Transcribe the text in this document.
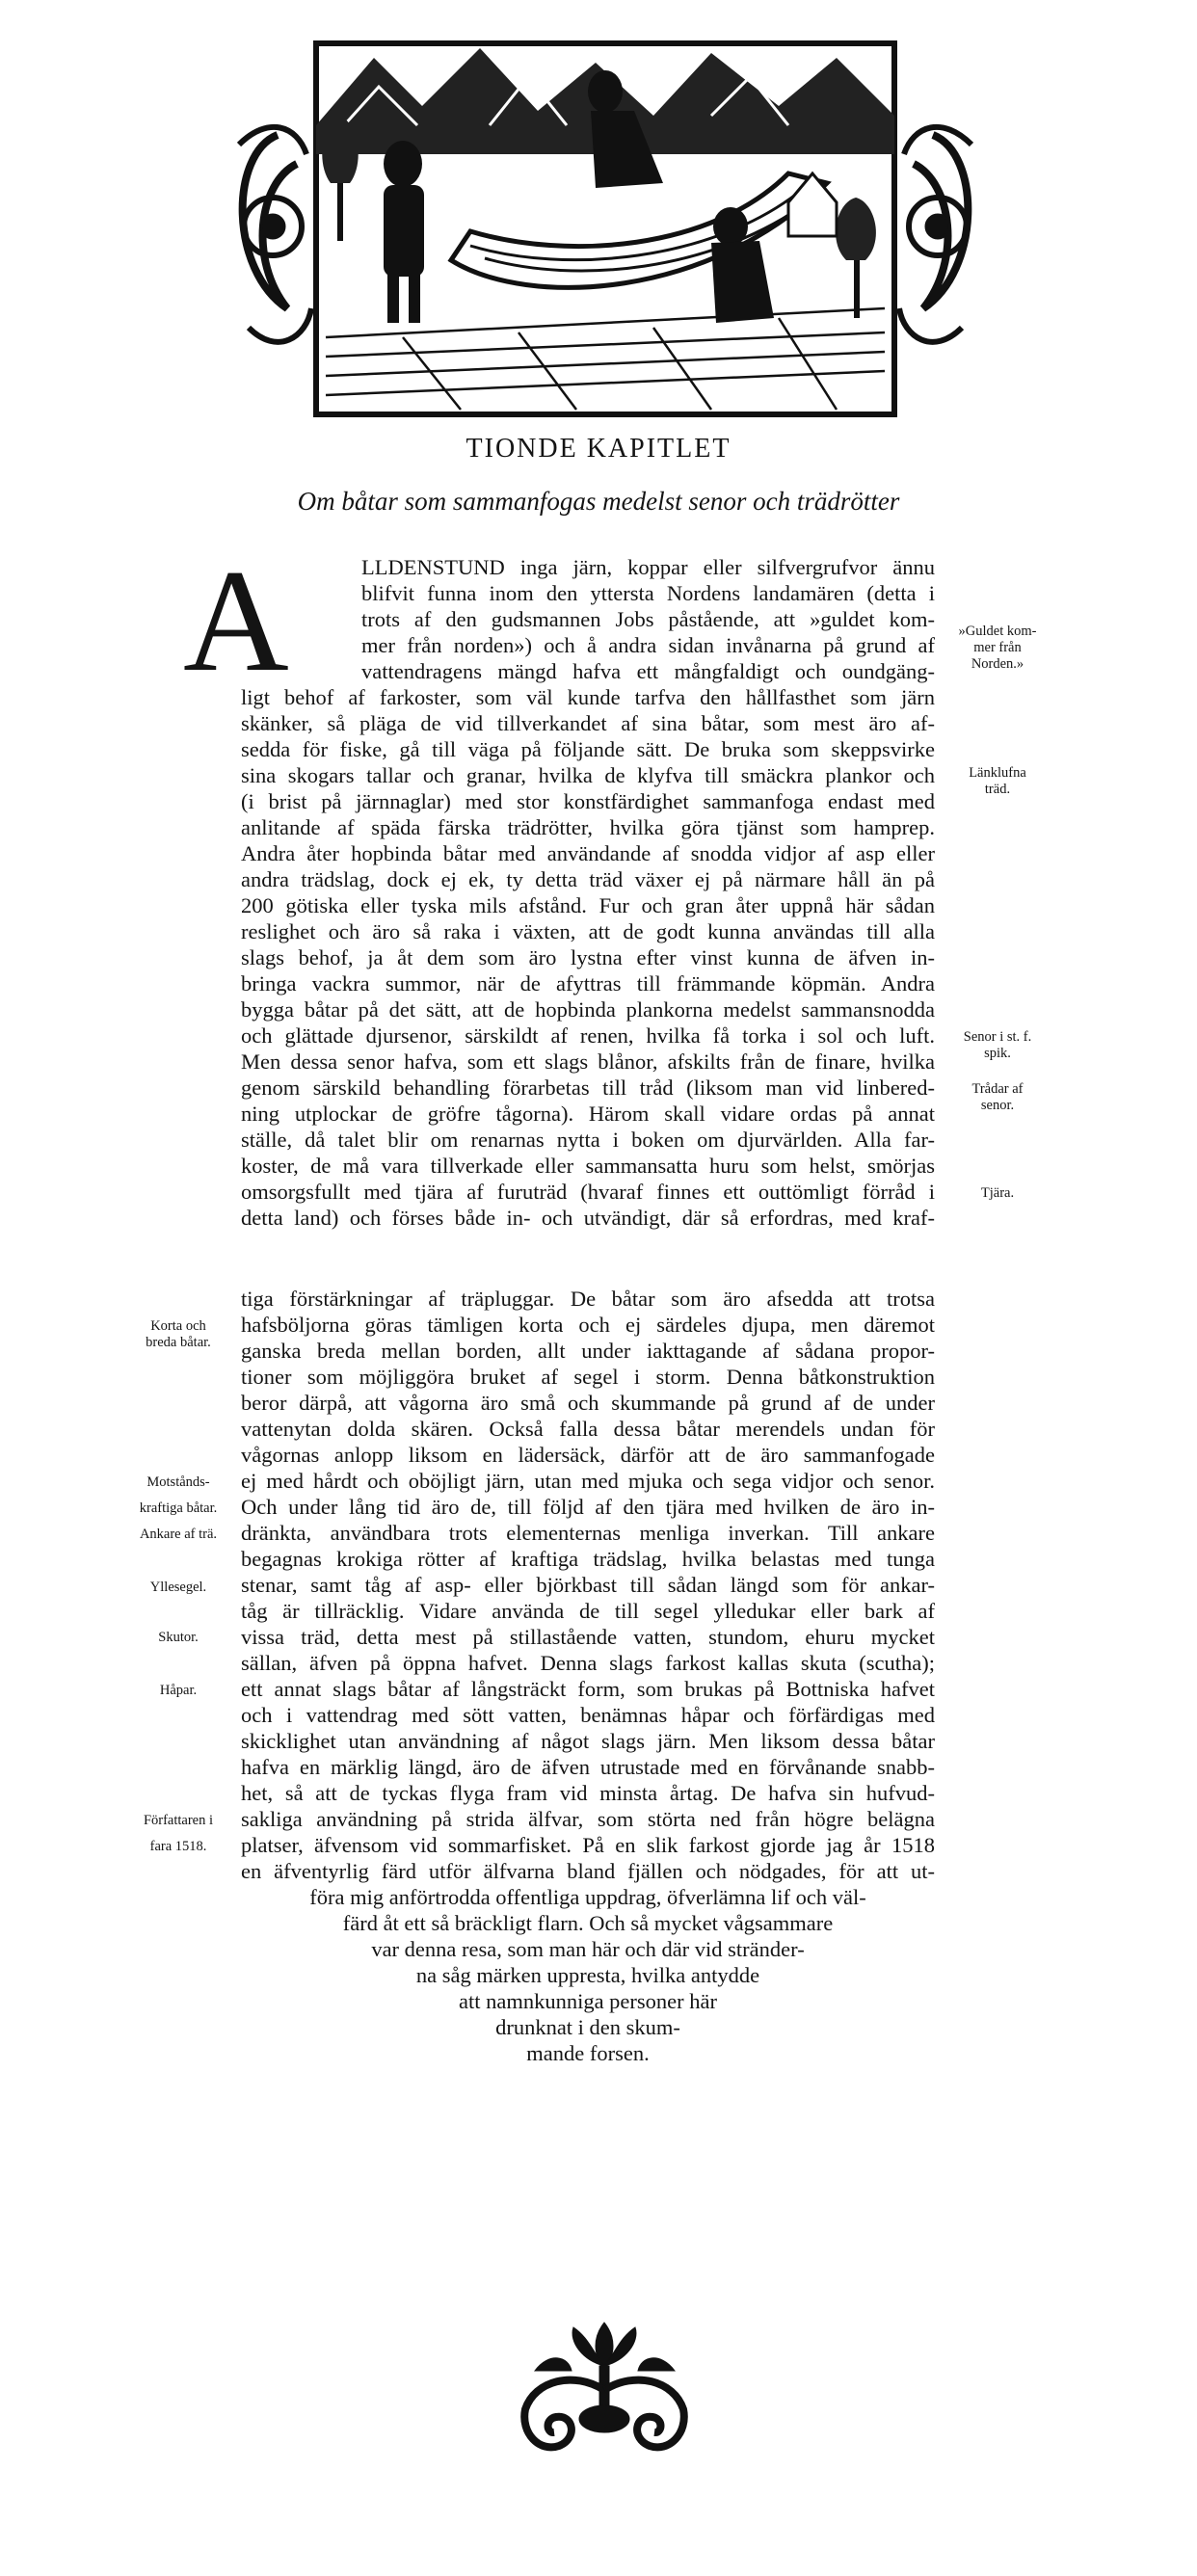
TIONDE KAPITLET
Om båtar som sammanfogas medelst senor och trädrötter
A	LLDENSTUND inga järn, koppar eller silfvergrufvor ännu
blifvit funna inom den yttersta Nordens landamären (detta i
trots af den gudsmannen Jobs påstående, att »guldet kom-
mer från norden») och å andra sidan invånarna på grund af
vattendragens mängd hafva ett mångfaldigt och oundgäng-
ligt behof af farkoster, som väl kunde tarfva den hållfasthet som järn
skänker, så pläga de vid tillverkandet af sina båtar, som mest äro af-
sedda för fiske, gå till väga på följande sätt. De bruka som skeppsvirke
sina skogars tallar och granar, hvilka de klyfva till smäckra plankor och
(i brist på järnnaglar) med stor konstfärdighet sammanfoga endast med
anlitande af späda färska trädrötter, hvilka göra tjänst som hamprep.
Andra åter hopbinda båtar med användande af snodda vidjor af asp eller
andra trädslag, dock ej ek, ty detta träd växer ej på närmare håll än på
200 götiska eller tyska mils afstånd. Fur och gran åter uppnå här sådan
reslighet och äro så raka i växten, att de godt kunna användas till alla
slags behof, ja åt dem som äro lystna efter vinst kunna de äfven in-
bringa vackra summor, när de afyttras till främmande köpmän. Andra
bygga båtar på det sätt, att de hopbinda plankorna medelst sammansnodda
och glättade djursenor, särskildt af renen, hvilka få torka i sol och luft.
Men dessa senor hafva, som ett slags blånor, afskilts från de finare, hvilka
genom särskild behandling förarbetas till tråd (liksom man vid linbered-
ning utplockar de gröfre tågorna). Härom skall vidare ordas på annat
ställe, då talet blir om renarnas nytta i boken om djurvärlden. Alla far-
koster, de må vara tillverkade eller sammansatta huru som helst, smörjas
omsorgsfullt med tjära af furuträd (hvaraf finnes ett outtömligt förråd i
detta land) och förses både in- och utvändigt, där så erfordras, med kraf-
tiga förstärkningar af träpluggar. De båtar som äro afsedda att trotsa
hafsböljorna göras tämligen korta och ej särdeles djupa, men däremot
ganska breda mellan borden, allt under iakttagande af sådana propor-
tioner som möjliggöra bruket af segel i storm. Denna båtkonstruktion
beror därpå, att vågorna äro små och skummande på grund af de under
vattenytan dolda skären. Också falla dessa båtar merendels undan för
vågornas anlopp liksom en lädersäck, därför att de äro sammanfogade
ej med hårdt och oböjligt järn, utan med mjuka och sega vidjor och senor.
Och under lång tid äro de, till följd af den tjära med hvilken de äro in-
dränkta, användbara trots elementernas menliga inverkan. Till ankare
begagnas krokiga rötter af kraftiga trädslag, hvilka belastas med tunga
stenar, samt tåg af asp- eller björkbast till sådan längd som för ankar-
tåg är tillräcklig. Vidare använda de till segel ylledukar eller bark af
vissa träd, detta mest på stillastående vatten, stundom, ehuru mycket
sällan, äfven på öppna hafvet. Denna slags farkost kallas skuta (scutha);
ett annat slags båtar af långsträckt form, som brukas på Bottniska hafvet
och i vattendrag med sött vatten, benämnas håpar och förfärdigas med
skicklighet utan användning af något slags järn. Men liksom dessa båtar
hafva en märklig längd, äro de äfven utrustade med en förvånande snabb-
het, så att de tyckas flyga fram vid minsta årtag. De hafva sin hufvud-
sakliga användning på strida älfvar, som störta ned från högre belägna
platser, äfvensom vid sommarfisket. På en slik farkost gjorde jag år 1518
en äfventyrlig färd utför älfvarna bland fjällen och nödgades, för att ut-
föra mig anförtrodda offentliga uppdrag, öfverlämna lif och väl-
färd åt ett så bräckligt flarn. Och så mycket vågsammare
var denna resa, som man här och där vid stränder-
na såg märken uppresta, hvilka antydde
att namnkunniga personer här
drunknat i den skum-
mande forsen.
»Guldet kom-
mer från
Norden.»
Länklufna
träd.
Senor i st. f.
spik.
Trådar af
senor.
Tjära.
Korta och
breda båtar.
Motstånds-
kraftiga båtar.
Ankare af trä.
Yllesegel.
Skutor.
Håpar.
Författaren i
fara 1518.
